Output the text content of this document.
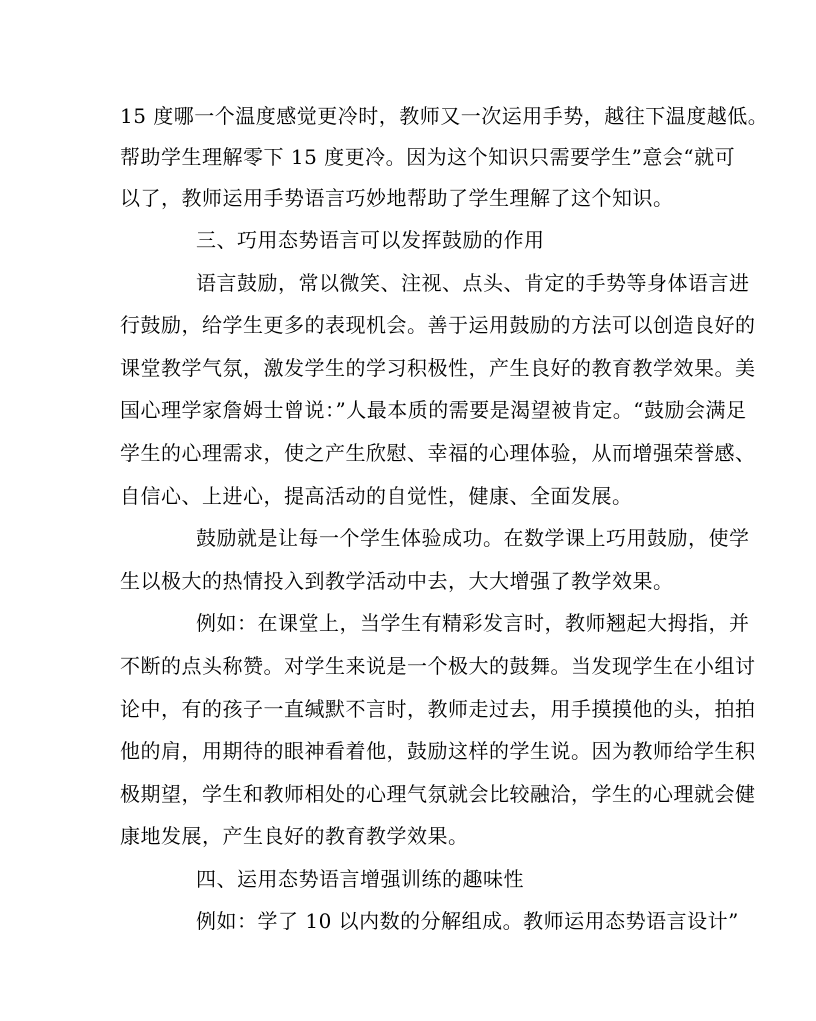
15 度哪一个温度感觉更冷时，教师又一次运用手势，越往下温度越低。
帮助学生理解零下 15 度更冷。因为这个知识只需要学生”意会“就可
以了，教师运用手势语言巧妙地帮助了学生理解了这个知识。
三、巧用态势语言可以发挥鼓励的作用
语言鼓励，常以微笑、注视、点头、肯定的手势等身体语言进
行鼓励，给学生更多的表现机会。善于运用鼓励的方法可以创造良好的
课堂教学气氛，激发学生的学习积极性，产生良好的教育教学效果。美
国心理学家詹姆士曾说：”人最本质的需要是渴望被肯定。“鼓励会满足
学生的心理需求，使之产生欣慰、幸福的心理体验，从而增强荣誉感、
自信心、上进心，提高活动的自觉性，健康、全面发展。
鼓励就是让每一个学生体验成功。在数学课上巧用鼓励，使学
生以极大的热情投入到教学活动中去，大大增强了教学效果。
例如：在课堂上，当学生有精彩发言时，教师翘起大拇指，并
不断的点头称赞。对学生来说是一个极大的鼓舞。当发现学生在小组讨
论中，有的孩子一直缄默不言时，教师走过去，用手摸摸他的头，拍拍
他的肩，用期待的眼神看着他，鼓励这样的学生说。因为教师给学生积
极期望，学生和教师相处的心理气氛就会比较融洽，学生的心理就会健
康地发展，产生良好的教育教学效果。
四、运用态势语言增强训练的趣味性
例如：学了 10 以内数的分解组成。教师运用态势语言设计”
